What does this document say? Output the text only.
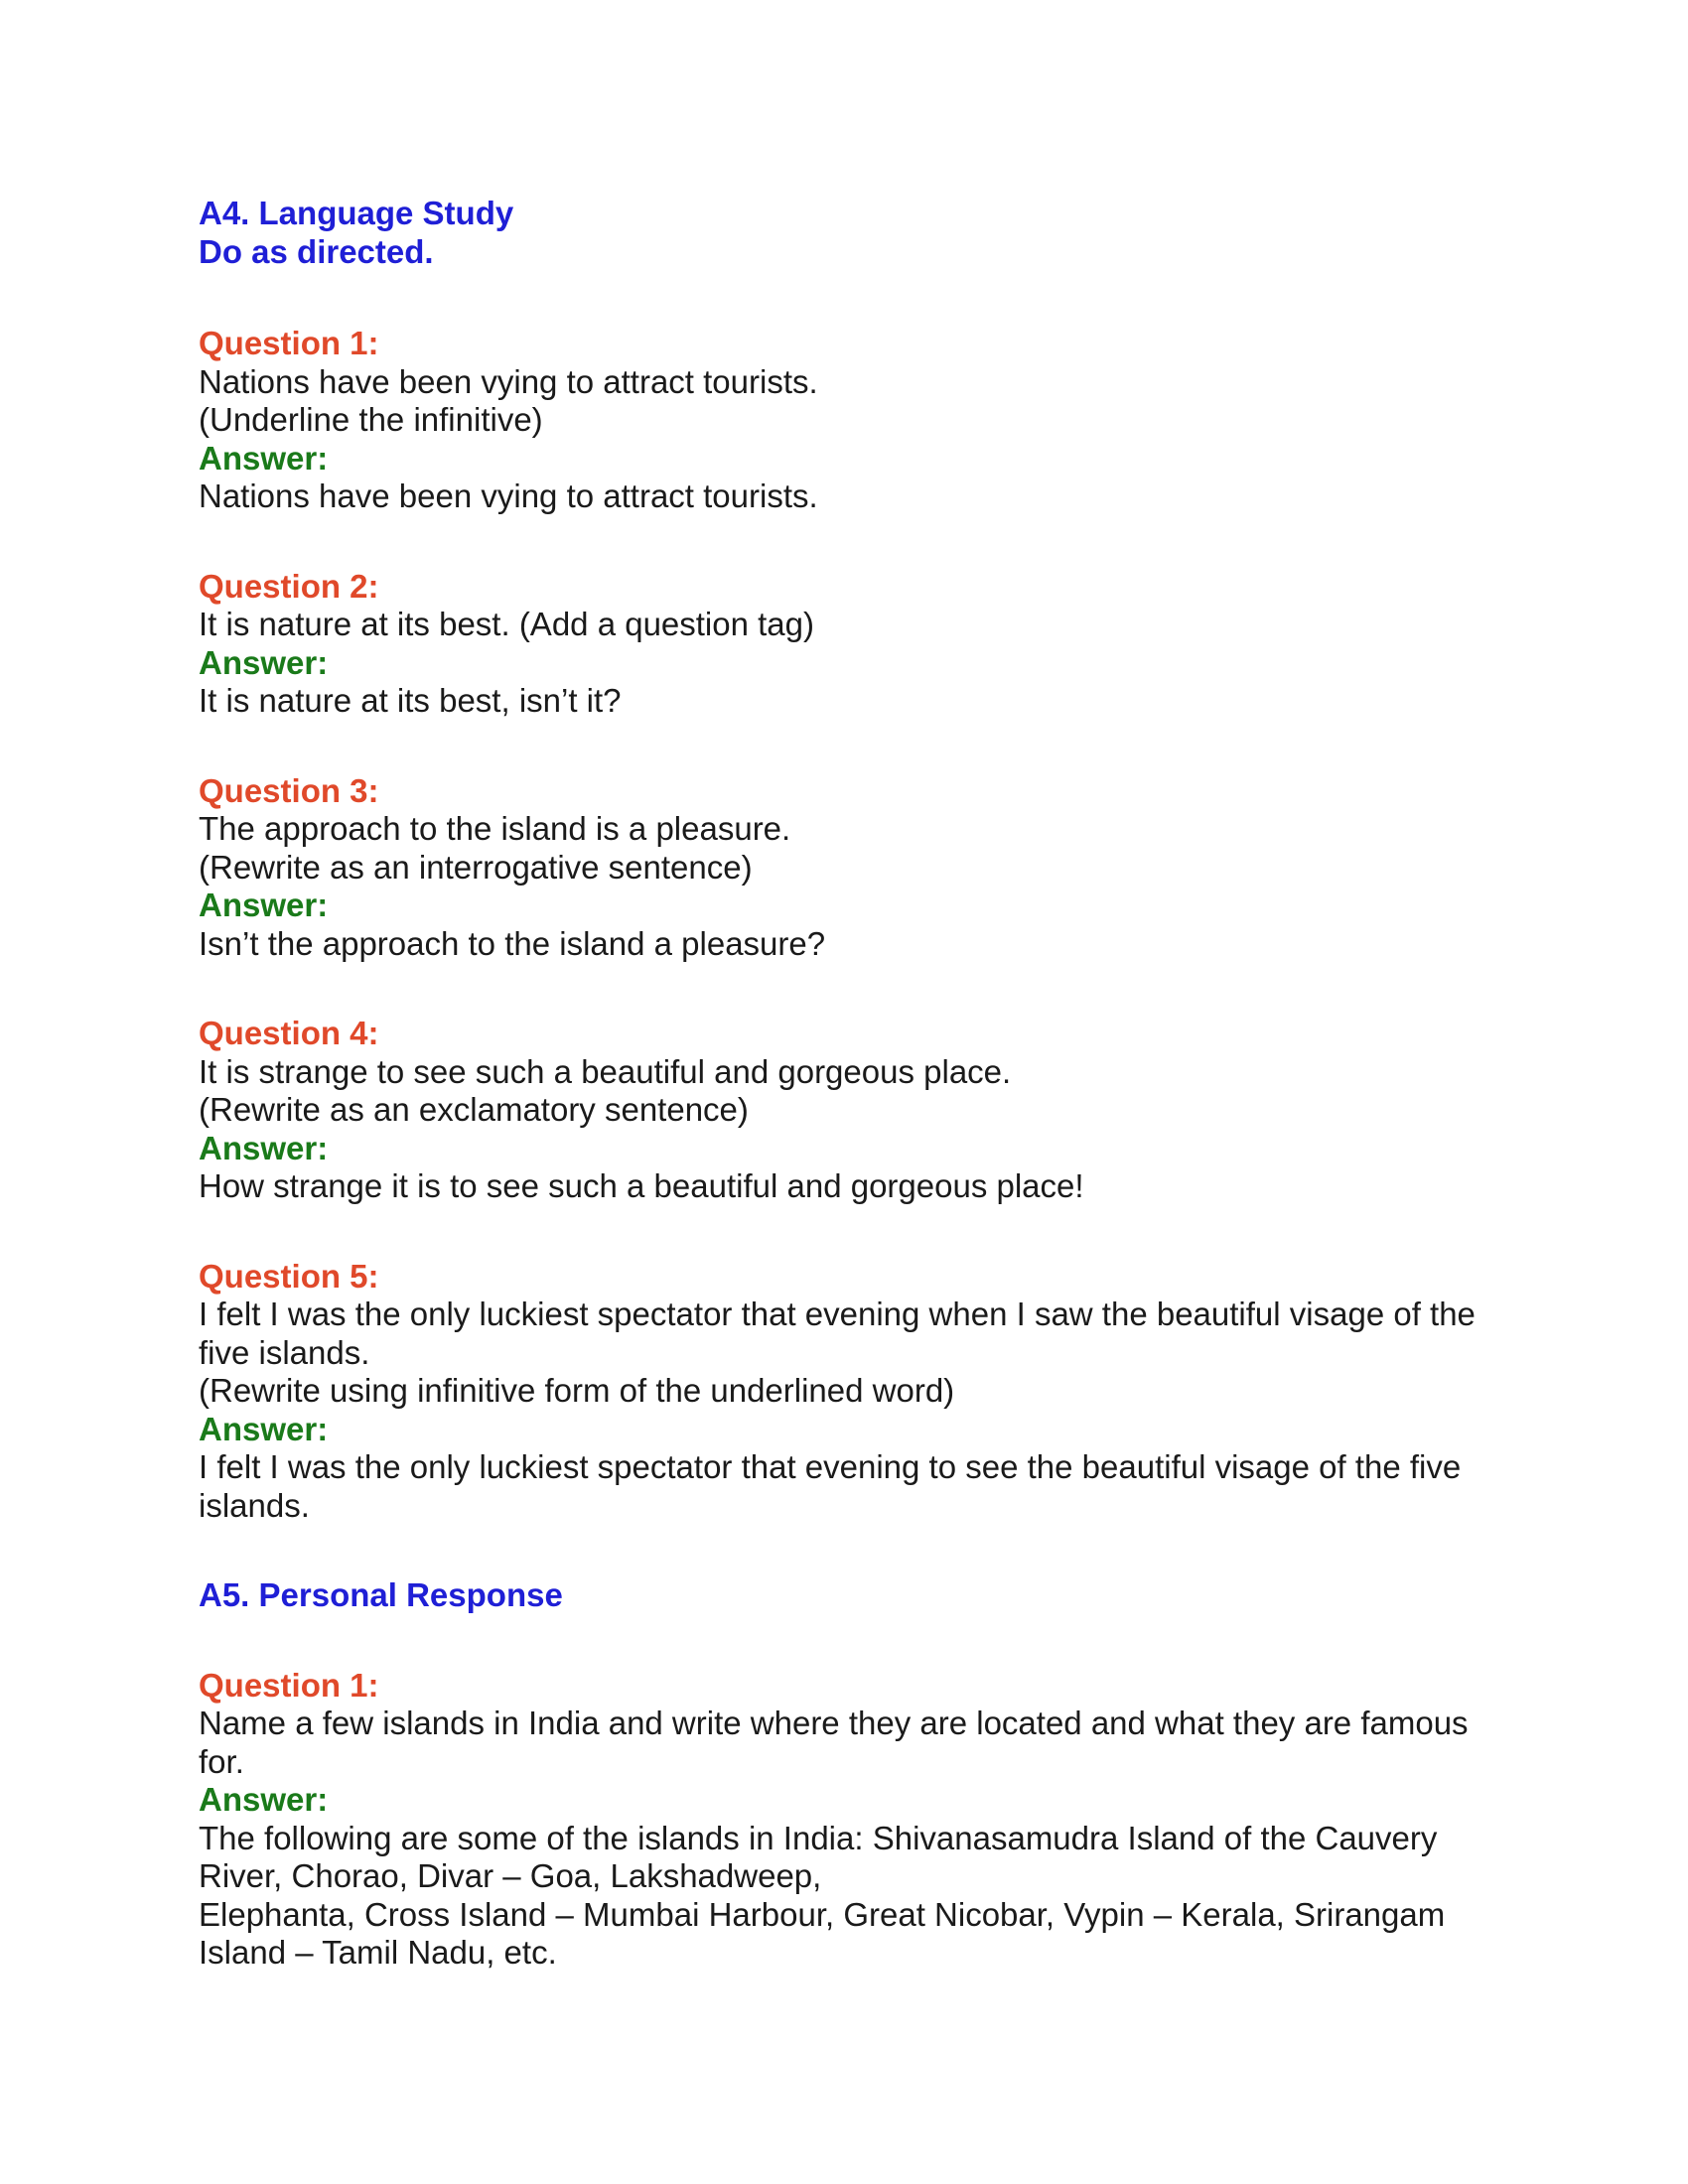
A4. Language Study

Do as directed.

Question 1:

Nations have been vying to attract tourists.

(Underline the infinitive)

Answer:

Nations have been vying to attract tourists.

Question 2:

It is nature at its best. (Add a question tag)

Answer:

It is nature at its best, isn’t it?

Question 3:

The approach to the island is a pleasure.

(Rewrite as an interrogative sentence)

Answer:

Isn’t the approach to the island a pleasure?

Question 4:

It is strange to see such a beautiful and gorgeous place.

(Rewrite as an exclamatory sentence)

Answer:

How strange it is to see such a beautiful and gorgeous place!

Question 5:

I felt I was the only luckiest spectator that evening when I saw the beautiful visage of the

five islands.

(Rewrite using infinitive form of the underlined word)

Answer:

I felt I was the only luckiest spectator that evening to see the beautiful visage of the five

islands.

A5. Personal Response

Question 1:

Name a few islands in India and write where they are located and what they are famous

for.

Answer:

The following are some of the islands in India: Shivanasamudra Island of the Cauvery

River, Chorao, Divar – Goa, Lakshadweep,

Elephanta, Cross Island – Mumbai Harbour, Great Nicobar, Vypin – Kerala, Srirangam

Island – Tamil Nadu, etc.
